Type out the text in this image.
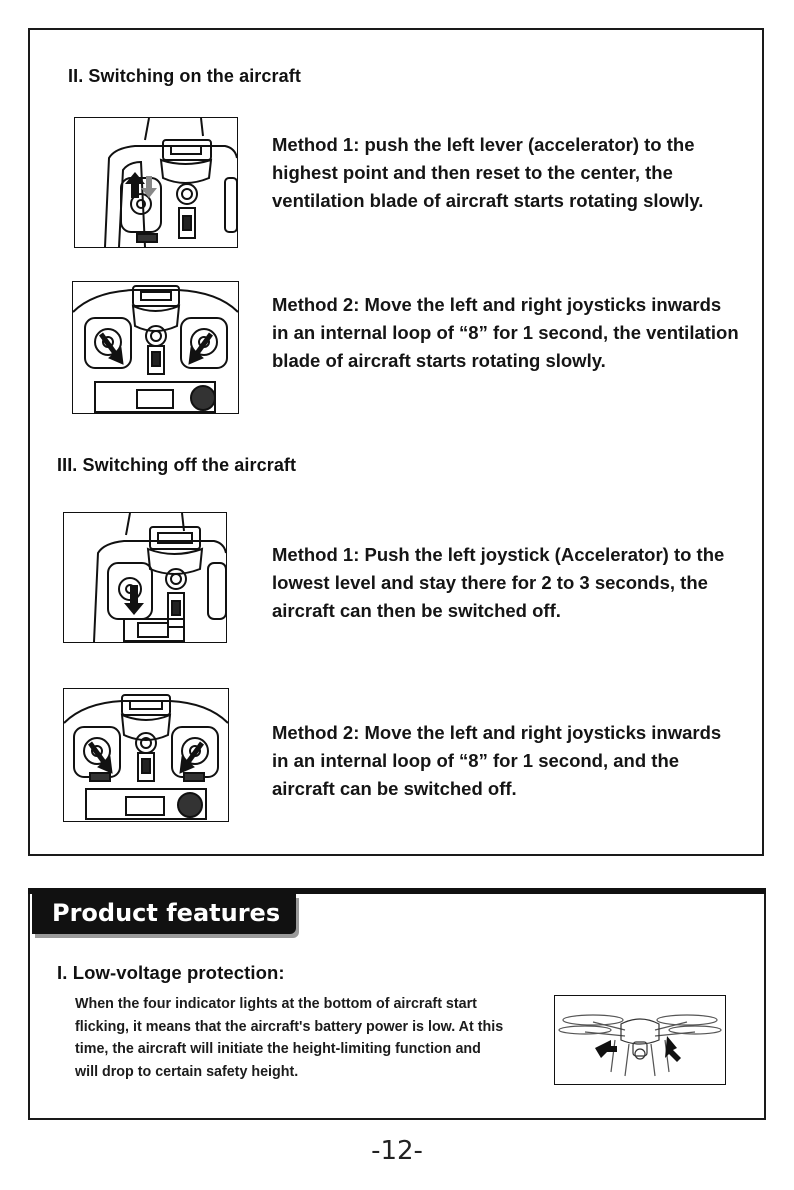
II. Switching on the aircraft
Method 1: push the left lever (accelerator) to the highest point and then reset to the center, the ventilation blade of aircraft starts rotating slowly.
Method 2: Move the left and right joysticks inwards in an internal loop of “8” for 1 second, the ventilation blade of aircraft starts rotating slowly.
III. Switching off the aircraft
Method 1: Push the left joystick (Accelerator) to the lowest level and stay there for 2 to 3 seconds, the aircraft can then be switched off.
Method 2: Move the left and right joysticks inwards in an internal loop of “8” for 1 second, and the aircraft can be switched off.
Product features
I. Low-voltage protection:
When the four indicator lights at the bottom of aircraft start flicking, it means that the aircraft's battery power is low. At this time, the aircraft will initiate the height-limiting function and will drop to certain safety height.
-12-
